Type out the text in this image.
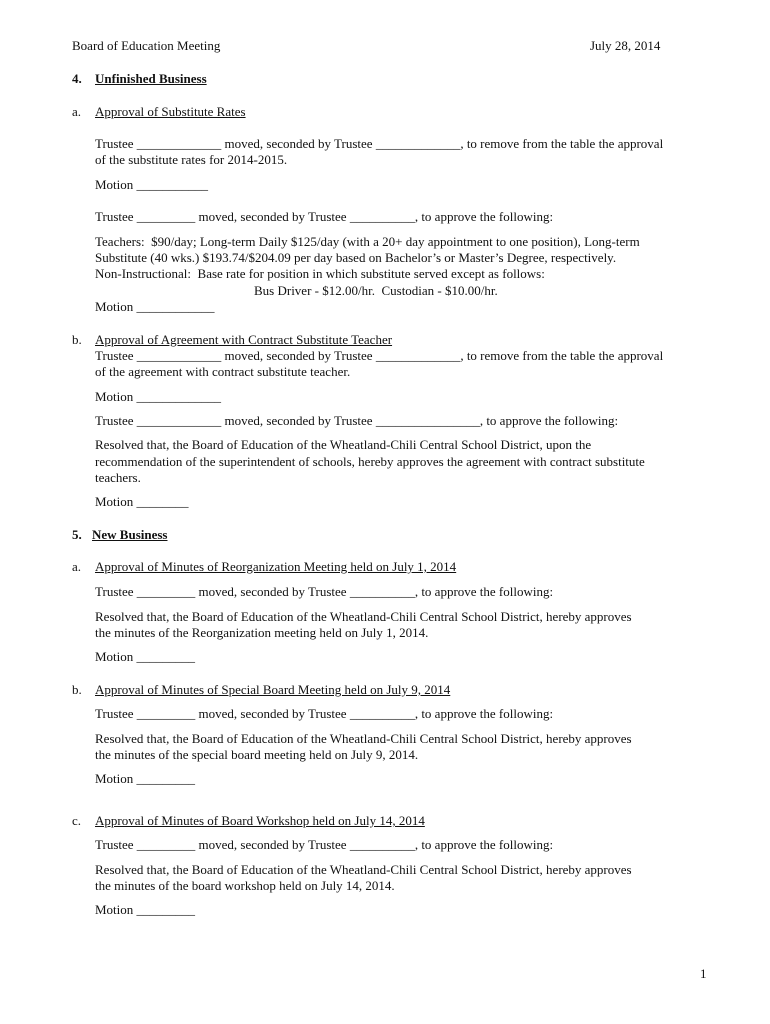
Board of Education Meeting	July 28, 2014
4. Unfinished Business
a. Approval of Substitute Rates
Trustee _____________ moved, seconded by Trustee _____________, to remove from the table the approval
of the substitute rates for 2014-2015.
Motion ___________
Trustee _________ moved, seconded by Trustee __________, to approve the following:
Teachers:  $90/day; Long-term Daily $125/day (with a 20+ day appointment to one position), Long-term
Substitute (40 wks.) $193.74/$204.09 per day based on Bachelor’s or Master’s Degree, respectively.
Non-Instructional:  Base rate for position in which substitute served except as follows:
Bus Driver - $12.00/hr.  Custodian - $10.00/hr.
Motion ____________
b. Approval of Agreement with Contract Substitute Teacher
Trustee _____________ moved, seconded by Trustee _____________, to remove from the table the approval
of the agreement with contract substitute teacher.
Motion _____________
Trustee _____________ moved, seconded by Trustee ________________, to approve the following:
Resolved that, the Board of Education of the Wheatland-Chili Central School District, upon the
recommendation of the superintendent of schools, hereby approves the agreement with contract substitute
teachers.
Motion ________
5. New Business
a. Approval of Minutes of Reorganization Meeting held on July 1, 2014
Trustee _________ moved, seconded by Trustee __________, to approve the following:
Resolved that, the Board of Education of the Wheatland-Chili Central School District, hereby approves
the minutes of the Reorganization meeting held on July 1, 2014.
Motion _________
b. Approval of Minutes of Special Board Meeting held on July 9, 2014
Trustee _________ moved, seconded by Trustee __________, to approve the following:
Resolved that, the Board of Education of the Wheatland-Chili Central School District, hereby approves
the minutes of the special board meeting held on July 9, 2014.
Motion _________
c. Approval of Minutes of Board Workshop held on July 14, 2014
Trustee _________ moved, seconded by Trustee __________, to approve the following:
Resolved that, the Board of Education of the Wheatland-Chili Central School District, hereby approves
the minutes of the board workshop held on July 14, 2014.
Motion _________
1
